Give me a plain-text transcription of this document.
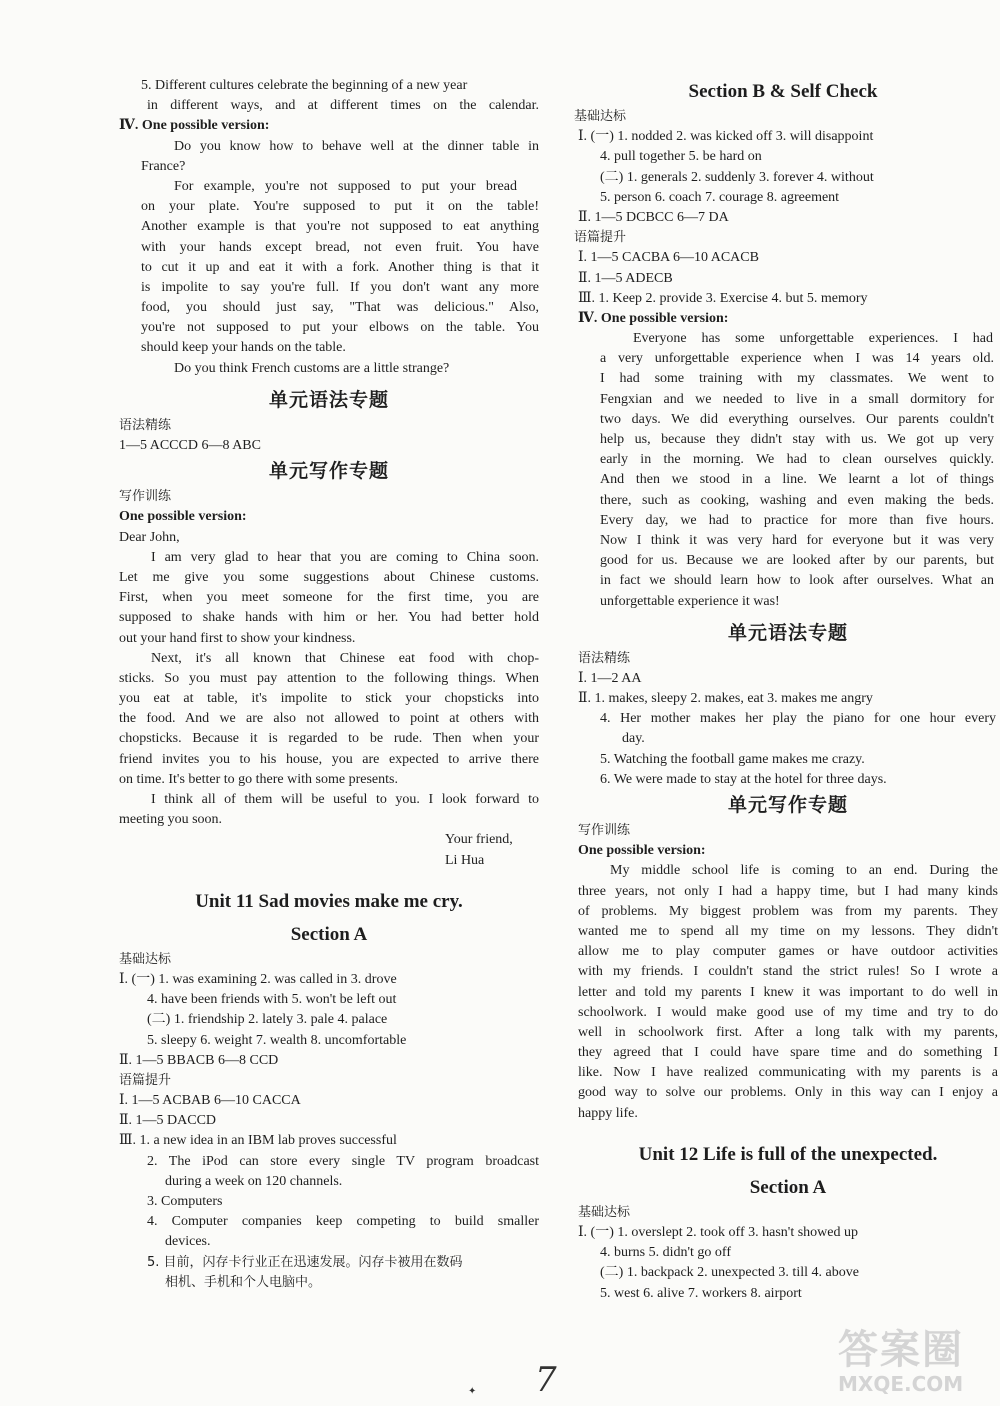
5. Different cultures celebrate the beginning of a new year
in different ways, and at different times on the calendar.
Ⅳ. One possible version:
Do you know how to behave well at the dinner table in
France?
For example, you're not supposed to put your bread
on your plate. You're supposed to put it on the table!
Another example is that you're not supposed to eat anything
with your hands except bread, not even fruit. You have
to cut it up and eat it with a fork. Another thing is that it
is impolite to say you're full. If you don't want any more
food, you should just say, "That was delicious." Also,
you're not supposed to put your elbows on the table. You
should keep your hands on the table.
Do you think French customs are a little strange?
单元语法专题
语法精练
1—5 ACCCD 6—8 ABC
单元写作专题
写作训练
One possible version:
Dear John,
I am very glad to hear that you are coming to China soon.
Let me give you some suggestions about Chinese customs.
First, when you meet someone for the first time, you are
supposed to shake hands with him or her. You had better hold
out your hand first to show your kindness.
Next, it's all known that Chinese eat food with chop-
sticks. So you must pay attention to the following things. When
you eat at table, it's impolite to stick your chopsticks into
the food. And we are also not allowed to point at others with
chopsticks. Because it is regarded to be rude. Then when your
friend invites you to his house, you are expected to arrive there
on time. It's better to go there with some presents.
I think all of them will be useful to you. I look forward to
meeting you soon.
Your friend,
Li Hua
Unit 11 Sad movies make me cry.
Section A
基础达标
Ⅰ. (一) 1. was examining 2. was called in 3. drove
4. have been friends with 5. won't be left out
(二) 1. friendship 2. lately 3. pale 4. palace
5. sleepy 6. weight 7. wealth 8. uncomfortable
Ⅱ. 1—5 BBACB 6—8 CCD
语篇提升
Ⅰ. 1—5 ACBAB 6—10 CACCA
Ⅱ. 1—5 DACCD
Ⅲ. 1. a new idea in an IBM lab proves successful
2. The iPod can store every single TV program broadcast
during a week on 120 channels.
3. Computers
4. Computer companies keep competing to build smaller
devices.
5. 目前，闪存卡行业正在迅速发展。闪存卡被用在数码
相机、手机和个人电脑中。
Section B & Self Check
基础达标
Ⅰ. (一) 1. nodded 2. was kicked off 3. will disappoint
4. pull together 5. be hard on
(二) 1. generals 2. suddenly 3. forever 4. without
5. person 6. coach 7. courage 8. agreement
Ⅱ. 1—5 DCBCC 6—7 DA
语篇提升
Ⅰ. 1—5 CACBA 6—10 ACACB
Ⅱ. 1—5 ADECB
Ⅲ. 1. Keep 2. provide 3. Exercise 4. but 5. memory
Ⅳ. One possible version:
Everyone has some unforgettable experiences. I had
a very unforgettable experience when I was 14 years old.
I had some training with my classmates. We went to
Fengxian and we needed to live in a small dormitory for
two days. We did everything ourselves. Our parents couldn't
help us, because they didn't stay with us. We got up very
early in the morning. We had to clean ourselves quickly.
And then we stood in a line. We learnt a lot of things
there, such as cooking, washing and even making the beds.
Every day, we had to practice for more than five hours.
Now I think it was very hard for everyone but it was very
good for us. Because we are looked after by our parents, but
in fact we should learn how to look after ourselves. What an
unforgettable experience it was!
单元语法专题
语法精练
Ⅰ. 1—2 AA
Ⅱ. 1. makes, sleepy 2. makes, eat 3. makes me angry
4. Her mother makes her play the piano for one hour every
day.
5. Watching the football game makes me crazy.
6. We were made to stay at the hotel for three days.
单元写作专题
写作训练
One possible version:
My middle school life is coming to an end. During the
three years, not only I had a happy time, but I had many kinds
of problems. My biggest problem was from my parents. They
wanted me to spend all my time on my lessons. They didn't
allow me to play computer games or have outdoor activities
with my friends. I couldn't stand the strict rules! So I wrote a
letter and told my parents I knew it was important to do well in
schoolwork. I would make good use of my time and try to do
well in schoolwork first. After a long talk with my parents,
they agreed that I could have spare time and do something I
like. Now I have realized communicating with my parents is a
good way to solve our problems. Only in this way can I enjoy a
happy life.
Unit 12 Life is full of the unexpected.
Section A
基础达标
Ⅰ. (一) 1. overslept 2. took off 3. hasn't showed up
4. burns 5. didn't go off
(二) 1. backpack 2. unexpected 3. till 4. above
5. west 6. alive 7. workers 8. airport
7
✦
答案圈
MXQE.COM
